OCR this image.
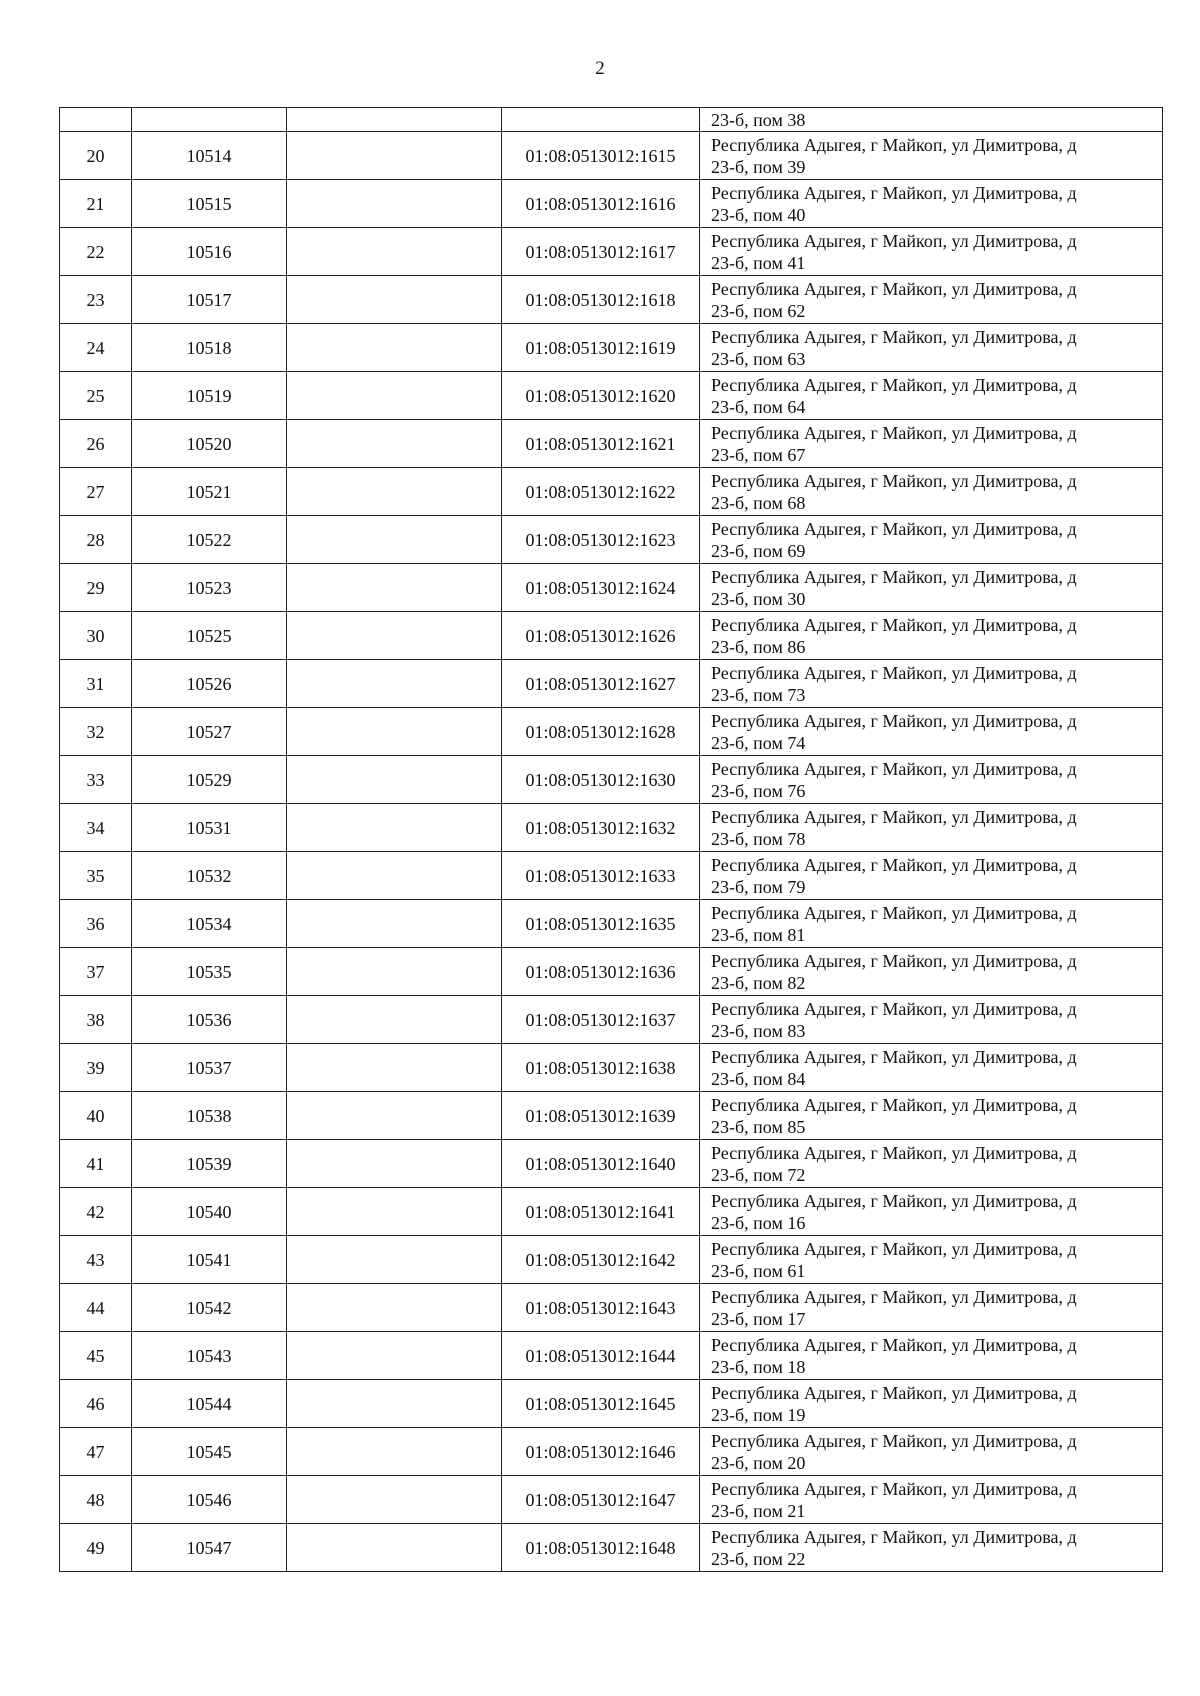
2

				23-б, пом 38

20	10514		01:08:0513012:1615	Республика Адыгея, г Майкоп, ул Димитрова, д
23-б, пом 39

21	10515		01:08:0513012:1616	Республика Адыгея, г Майкоп, ул Димитрова, д
23-б, пом 40

22	10516		01:08:0513012:1617	Республика Адыгея, г Майкоп, ул Димитрова, д
23-б, пом 41

23	10517		01:08:0513012:1618	Республика Адыгея, г Майкоп, ул Димитрова, д
23-б, пом 62

24	10518		01:08:0513012:1619	Республика Адыгея, г Майкоп, ул Димитрова, д
23-б, пом 63

25	10519		01:08:0513012:1620	Республика Адыгея, г Майкоп, ул Димитрова, д
23-б, пом 64

26	10520		01:08:0513012:1621	Республика Адыгея, г Майкоп, ул Димитрова, д
23-б, пом 67

27	10521		01:08:0513012:1622	Республика Адыгея, г Майкоп, ул Димитрова, д
23-б, пом 68

28	10522		01:08:0513012:1623	Республика Адыгея, г Майкоп, ул Димитрова, д
23-б, пом 69

29	10523		01:08:0513012:1624	Республика Адыгея, г Майкоп, ул Димитрова, д
23-б, пом 30

30	10525		01:08:0513012:1626	Республика Адыгея, г Майкоп, ул Димитрова, д
23-б, пом 86

31	10526		01:08:0513012:1627	Республика Адыгея, г Майкоп, ул Димитрова, д
23-б, пом 73

32	10527		01:08:0513012:1628	Республика Адыгея, г Майкоп, ул Димитрова, д
23-б, пом 74

33	10529		01:08:0513012:1630	Республика Адыгея, г Майкоп, ул Димитрова, д
23-б, пом 76

34	10531		01:08:0513012:1632	Республика Адыгея, г Майкоп, ул Димитрова, д
23-б, пом 78

35	10532		01:08:0513012:1633	Республика Адыгея, г Майкоп, ул Димитрова, д
23-б, пом 79

36	10534		01:08:0513012:1635	Республика Адыгея, г Майкоп, ул Димитрова, д
23-б, пом 81

37	10535		01:08:0513012:1636	Республика Адыгея, г Майкоп, ул Димитрова, д
23-б, пом 82

38	10536		01:08:0513012:1637	Республика Адыгея, г Майкоп, ул Димитрова, д
23-б, пом 83

39	10537		01:08:0513012:1638	Республика Адыгея, г Майкоп, ул Димитрова, д
23-б, пом 84

40	10538		01:08:0513012:1639	Республика Адыгея, г Майкоп, ул Димитрова, д
23-б, пом 85

41	10539		01:08:0513012:1640	Республика Адыгея, г Майкоп, ул Димитрова, д
23-б, пом 72

42	10540		01:08:0513012:1641	Республика Адыгея, г Майкоп, ул Димитрова, д
23-б, пом 16

43	10541		01:08:0513012:1642	Республика Адыгея, г Майкоп, ул Димитрова, д
23-б, пом 61

44	10542		01:08:0513012:1643	Республика Адыгея, г Майкоп, ул Димитрова, д
23-б, пом 17

45	10543		01:08:0513012:1644	Республика Адыгея, г Майкоп, ул Димитрова, д
23-б, пом 18

46	10544		01:08:0513012:1645	Республика Адыгея, г Майкоп, ул Димитрова, д
23-б, пом 19

47	10545		01:08:0513012:1646	Республика Адыгея, г Майкоп, ул Димитрова, д
23-б, пом 20

48	10546		01:08:0513012:1647	Республика Адыгея, г Майкоп, ул Димитрова, д
23-б, пом 21

49	10547		01:08:0513012:1648	Республика Адыгея, г Майкоп, ул Димитрова, д
23-б, пом 22
